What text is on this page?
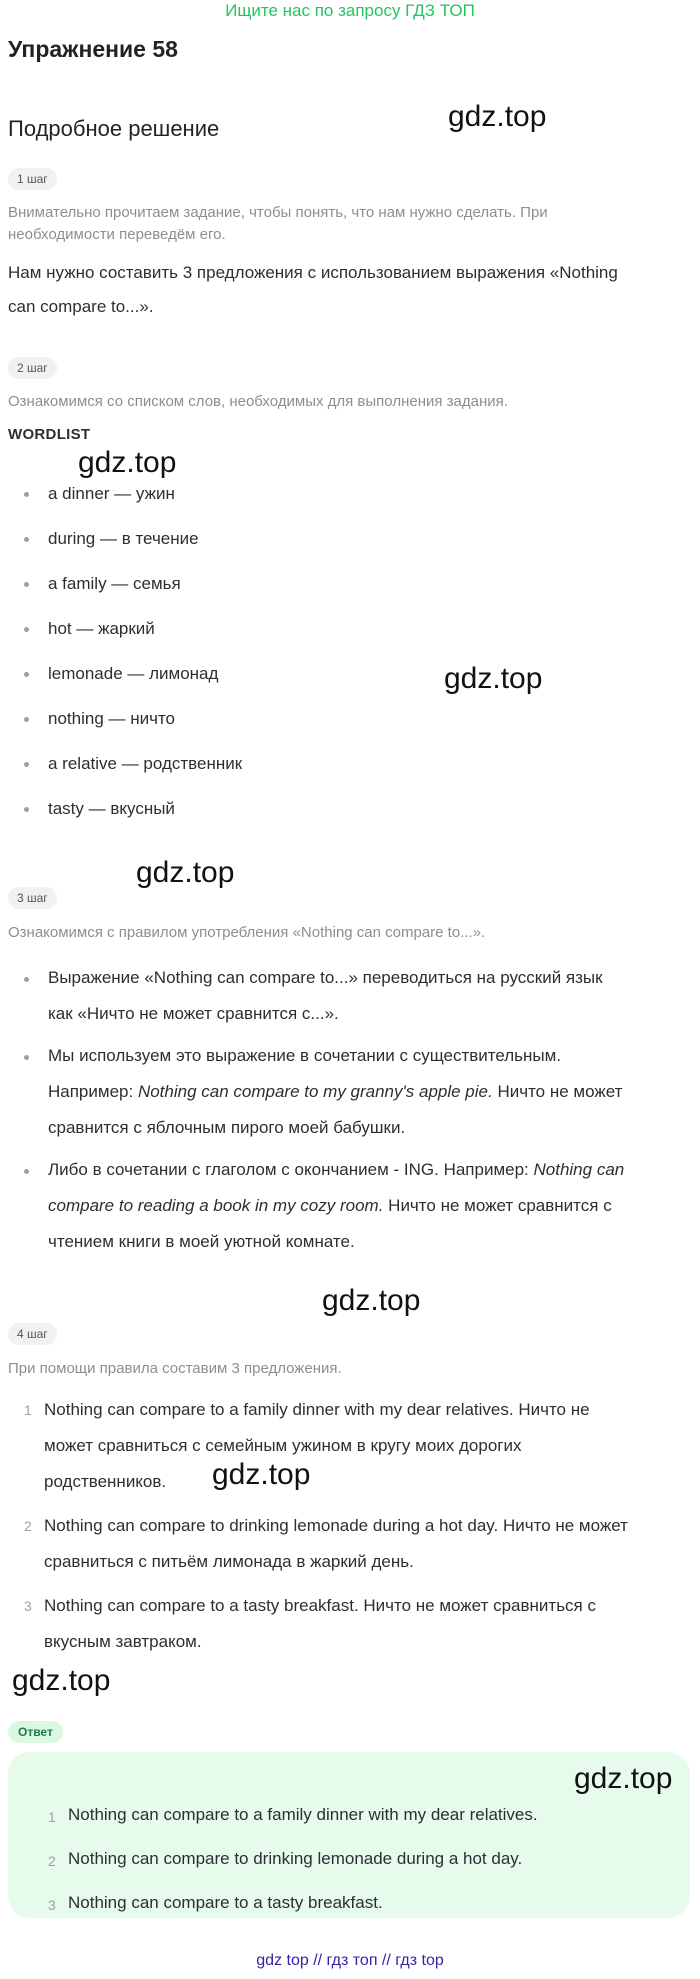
Ищите нас по запросу ГДЗ ТОП
Упражнение 58
Подробное решение	gdz.top
1 шаг
Внимательно прочитаем задание, чтобы понять, что нам нужно сделать. При
необходимости переведём его.
Нам нужно составить 3 предложения с использованием выражения «Nothing
can compare to...».
2 шаг
Ознакомимся со списком слов, необходимых для выполнения задания.
WORDLIST
gdz.top
a dinner — ужин
during — в течение
a family — семья
hot — жаркий
lemonade — лимонад
nothing — ничто
a relative — родственник
tasty — вкусный
gdz.top
gdz.top
3 шаг
Ознакомимся с правилом употребления «Nothing can compare to...».
Выражение «Nothing can compare to...» переводиться на русский язык
как «Ничто не может сравнится с...».
Мы используем это выражение в сочетании с существительным.
Например: Nothing can compare to my granny's apple pie. Ничто не может
сравнится с яблочным пирого моей бабушки.
Либо в сочетании с глаголом с окончанием - ING. Например: Nothing can
compare to reading a book in my cozy room. Ничто не может сравнится с
чтением книги в моей уютной комнате.
gdz.top
4 шаг
При помощи правила составим 3 предложения.
1 Nothing can compare to a family dinner with my dear relatives. Ничто не
может сравниться с семейным ужином в кругу моих дорогих
родственников.	gdz.top
2 Nothing can compare to drinking lemonade during a hot day. Ничто не может
сравниться с питьём лимонада в жаркий день.
3 Nothing can compare to a tasty breakfast. Ничто не может сравниться с
вкусным завтраком.
gdz.top
Ответ
gdz.top
1 Nothing can compare to a family dinner with my dear relatives.
2 Nothing can compare to drinking lemonade during a hot day.
3 Nothing can compare to a tasty breakfast.
gdz top // гдз топ // гдз top
